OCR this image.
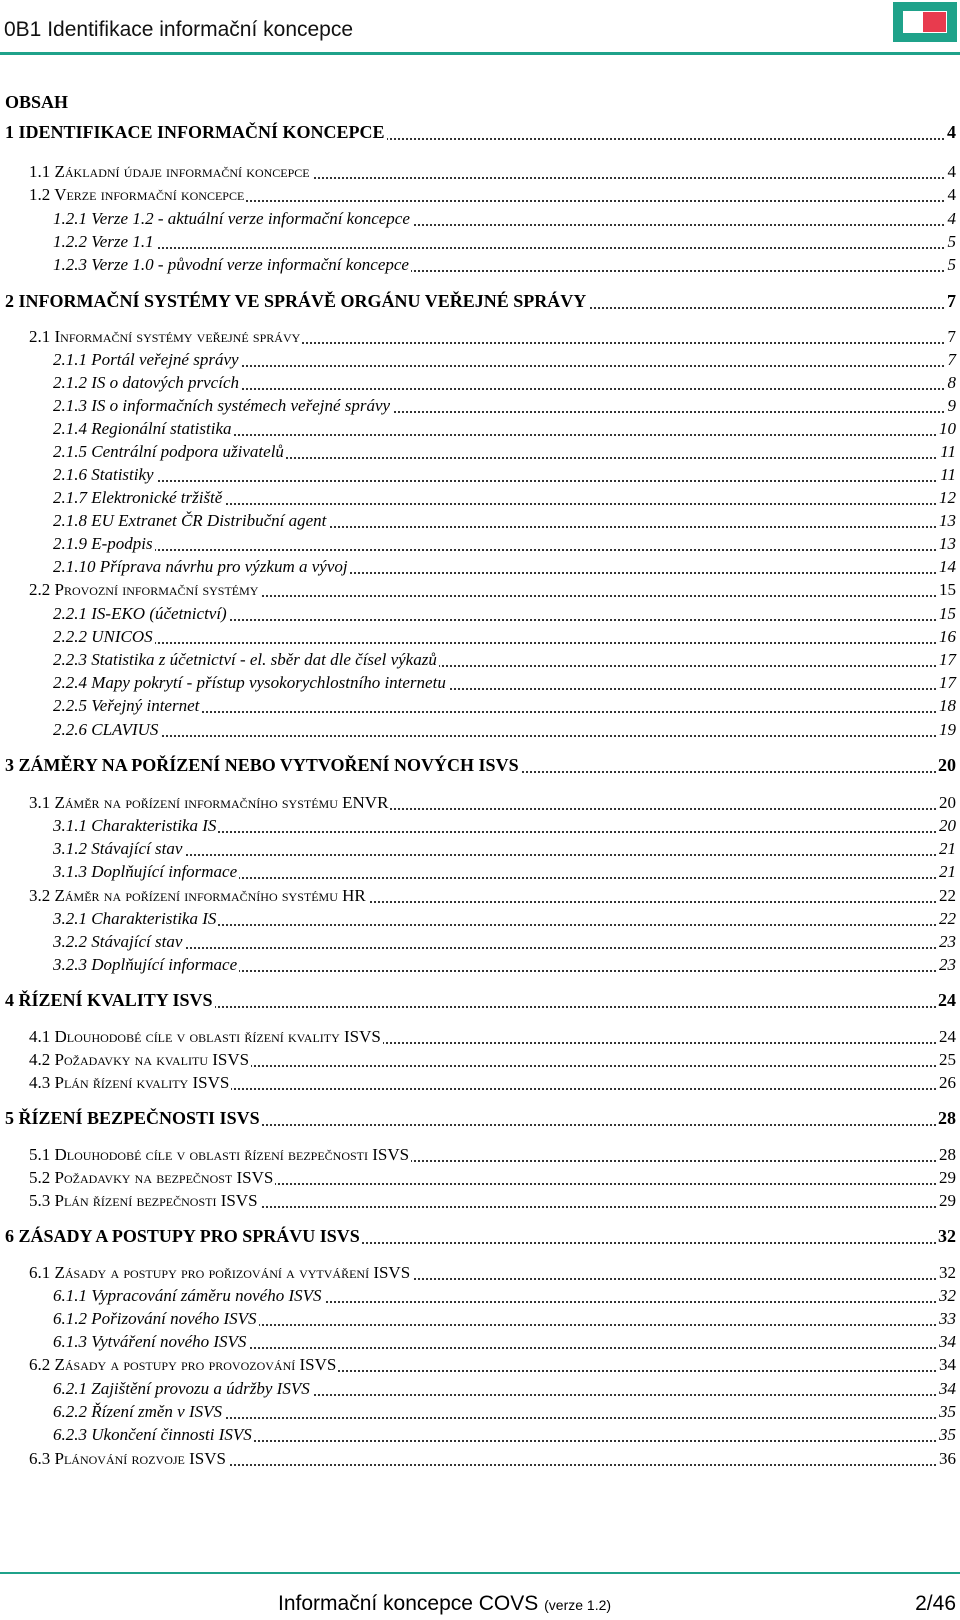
0B1 Identifikace informační koncepce
OBSAH
1 IDENTIFIKACE INFORMAČNÍ KONCEPCE	4
1.1 Základní údaje informační koncepce	4
1.2 Verze informační koncepce	4
1.2.1 Verze 1.2 - aktuální verze informační koncepce	4
1.2.2 Verze 1.1	5
1.2.3 Verze 1.0 - původní verze informační koncepce	5
2 INFORMAČNÍ SYSTÉMY VE SPRÁVĚ ORGÁNU VEŘEJNÉ SPRÁVY	7
2.1 Informační systémy veřejné správy	7
2.1.1 Portál veřejné správy	7
2.1.2 IS o datových prvcích	8
2.1.3 IS o informačních systémech veřejné správy	9
2.1.4 Regionální statistika	10
2.1.5 Centrální podpora uživatelů	11
2.1.6 Statistiky	11
2.1.7 Elektronické tržiště	12
2.1.8 EU Extranet ČR Distribuční agent	13
2.1.9 E-podpis	13
2.1.10 Příprava návrhu pro výzkum a vývoj	14
2.2 Provozní informační systémy	15
2.2.1 IS-EKO (účetnictví)	15
2.2.2 UNICOS	16
2.2.3 Statistika z účetnictví - el. sběr dat dle čísel výkazů	17
2.2.4 Mapy pokrytí - přístup vysokorychlostního internetu	17
2.2.5 Veřejný internet	18
2.2.6 CLAVIUS	19
3 ZÁMĚRY NA POŘÍZENÍ NEBO VYTVOŘENÍ NOVÝCH ISVS	20
3.1 Záměr na pořízení informačního systému ENVR	20
3.1.1 Charakteristika IS	20
3.1.2 Stávající stav	21
3.1.3 Doplňující informace	21
3.2 Záměr na pořízení informačního systému HR	22
3.2.1 Charakteristika IS	22
3.2.2 Stávající stav	23
3.2.3 Doplňující informace	23
4 ŘÍZENÍ KVALITY ISVS	24
4.1 Dlouhodobé cíle v oblasti řízení kvality ISVS	24
4.2 Požadavky na kvalitu ISVS	25
4.3 Plán řízení kvality ISVS	26
5 ŘÍZENÍ BEZPEČNOSTI ISVS	28
5.1 Dlouhodobé cíle v oblasti řízení bezpečnosti ISVS	28
5.2 Požadavky na bezpečnost ISVS	29
5.3 Plán řízení bezpečnosti ISVS	29
6 ZÁSADY A POSTUPY PRO SPRÁVU ISVS	32
6.1 Zásady a postupy pro pořizování a vytváření ISVS	32
6.1.1 Vypracování záměru nového ISVS	32
6.1.2 Pořizování nového ISVS	33
6.1.3 Vytváření nového ISVS	34
6.2 Zásady a postupy pro provozování ISVS	34
6.2.1 Zajištění provozu a údržby ISVS	34
6.2.2 Řízení změn v ISVS	35
6.2.3 Ukončení činnosti ISVS	35
6.3 Plánování rozvoje ISVS	36
Informační koncepce COVS (verze 1.2)	2/46
